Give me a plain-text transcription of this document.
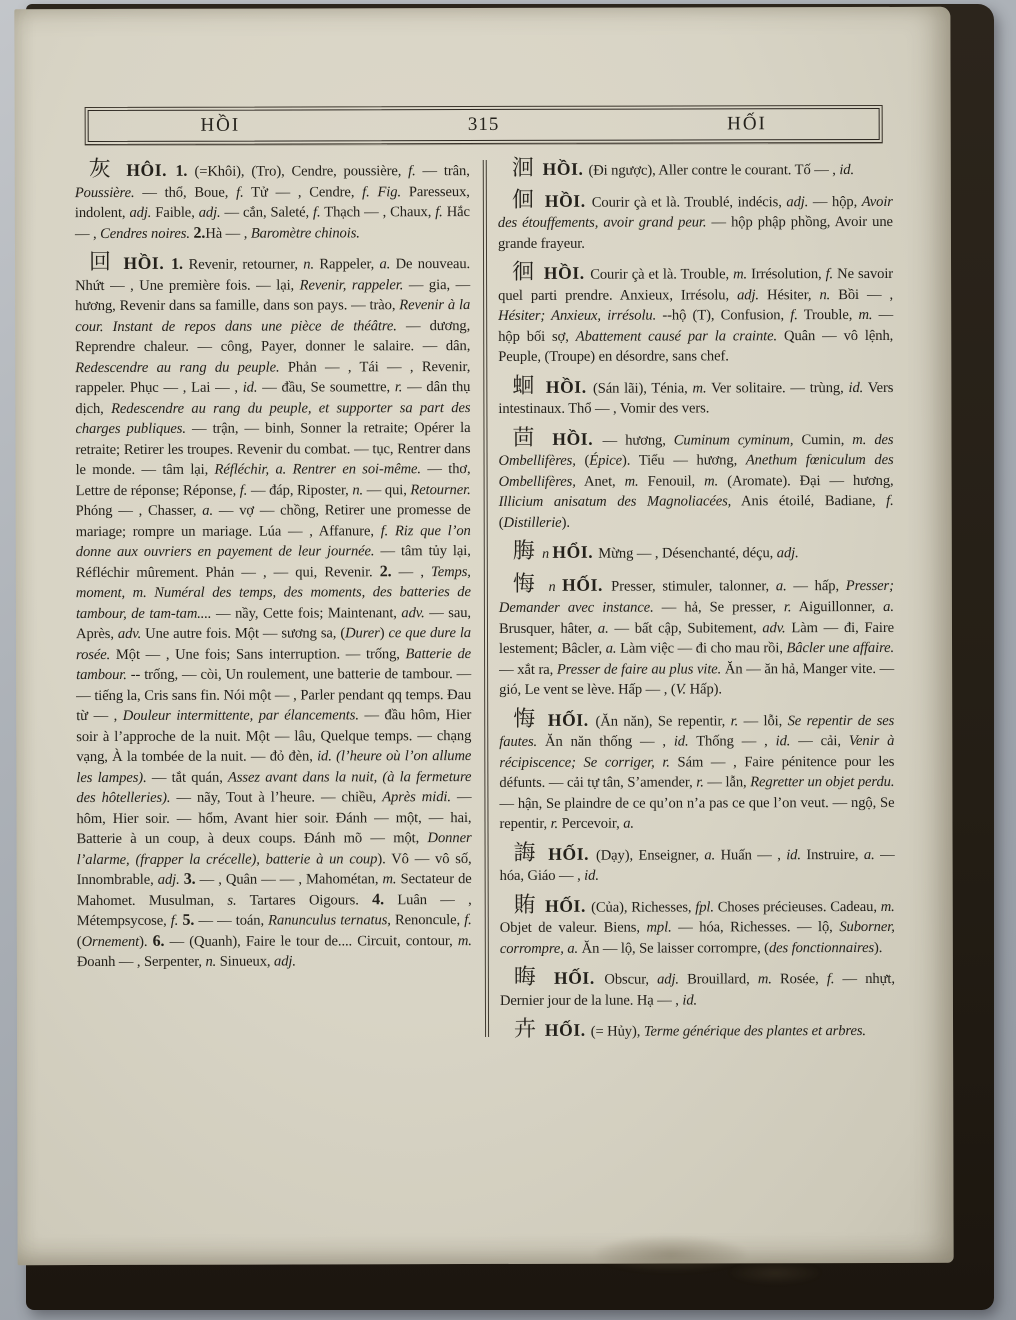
HỒI	315	HỐI
灰 HÔI. 1. (=Khôi), (Tro), Cendre, poussière, f. — trân, Poussière. — thổ, Boue, f. Tử — , Cendre, f. Fig. Paresseux, indolent, adj. Faible, adj. — cắn, Saleté, f. Thạch — , Chaux, f. Hắc — , Cendres noires. 2.Hà — , Baromètre chinois.
回 HỒI. 1. Revenir, retourner, n. Rappeler, a. De nouveau. Nhứt — , Une première fois. — lại, Revenir, rappeler. — gia, — hương, Revenir dans sa famille, dans son pays. — trào, Revenir à la cour. Instant de repos dans une pièce de théâtre. — dương, Reprendre chaleur. — công, Payer, donner le salaire. — dân, Redescendre au rang du peuple. Phản — , Tái — , Revenir, rappeler. Phục — , Lai — , id. — đầu, Se soumettre, r. — dân thụ dịch, Redescendre au rang du peuple, et supporter sa part des charges publiques. — trận, — binh, Sonner la retraite; Opérer la retraite; Retirer les troupes. Revenir du combat. — tục, Rentrer dans le monde. — tâm lại, Réfléchir, a. Rentrer en soi-même. — thơ, Lettre de réponse; Réponse, f. — đáp, Riposter, n. — qui, Retourner. Phóng — , Chasser, a. — vợ — chồng, Retirer une promesse de mariage; rompre un mariage. Lúa — , Affanure, f. Riz que l’on donne aux ouvriers en payement de leur journée. — tâm tủy lại, Réfléchir mûrement. Phản — , — qui, Revenir. 2. — , Temps, moment, m. Numéral des temps, des moments, des batteries de tambour, de tam-tam.... — nầy, Cette fois; Maintenant, adv. — sau, Après, adv. Une autre fois. Một — sương sa, (Durer) ce que dure la rosée. Một — , Une fois; Sans interruption. — trống, Batterie de tambour. -- trống, — còi, Un roulement, une batterie de tambour. — — tiếng la, Cris sans fin. Nói một — , Parler pendant qq temps. Đau từ — , Douleur intermittente, par élancements. — đầu hôm, Hier soir à l’approche de la nuit. Một — lâu, Quelque temps. — chạng vạng, À la tombée de la nuit. — đỏ đèn, id. (l’heure où l’on allume les lampes). — tắt quán, Assez avant dans la nuit, (à la fermeture des hôtelleries). — nãy, Tout à l’heure. — chiều, Après midi. — hôm, Hier soir. — hổm, Avant hier soir. Đánh — một, — hai, Batterie à un coup, à deux coups. Đánh mõ — một, Donner l’alarme, (frapper la crécelle), batterie à un coup). Vô — vô số, Innombrable, adj. 3. — , Quân — — , Mahométan, m. Sectateur de Mahomet. Musulman, s. Tartares Oigours. 4. Luân — , Métempsycose, f. 5. — — toán, Ranunculus ternatus, Renoncule, f. (Ornement). 6. — (Quanh), Faire le tour de.... Circuit, contour, m. Đoanh — , Serpenter, n. Sinueux, adj.
洄 HỒI. (Đi ngược), Aller contre le courant. Tố — , id.
佪 HỒI. Courir çà et là. Troublé, indécis, adj. — hộp, Avoir des étouffements, avoir grand peur. — hộp phập phồng, Avoir une grande frayeur.
徊 HỒI. Courir çà et là. Trouble, m. Irrésolution, f. Ne savoir quel parti prendre. Anxieux, Irrésolu, adj. Hésiter, n. Bồi — , Hésiter; Anxieux, irrésolu. --hộ (T), Confusion, f. Trouble, m. — hộp bối sợ, Abattement causé par la crainte. Quân — vô lệnh, Peuple, (Troupe) en désordre, sans chef.
蛔 HỒI. (Sán lãi), Ténia, m. Ver solitaire. — trùng, id. Vers intestinaux. Thổ — , Vomir des vers.
茴 HỒI. — hương, Cuminum cyminum, Cumin, m. des Ombellifères, (Épice). Tiểu — hương, Anethum fœniculum des Ombellifères, Anet, m. Fenouil, m. (Aromate). Đại — hương, Illicium anisatum des Magnoliacées, Anis étoilé, Badiane, f. (Distillerie).
脢 n HỔI. Mừng — , Désenchanté, déçu, adj.
悔 n HỐI. Presser, stimuler, talonner, a. — hấp, Presser; Demander avec instance. — hả, Se presser, r. Aiguillonner, a. Brusquer, hâter, a. — bất cập, Subitement, adv. Làm — đi, Faire lestement; Bâcler, a. Làm việc — đi cho mau rồi, Bâcler une affaire. — xắt ra, Presser de faire au plus vite. Ăn — ăn hả, Manger vite. — gió, Le vent se lève. Hấp — , (V. Hấp).
悔 HỐI. (Ăn năn), Se repentir, r. — lỗi, Se repentir de ses fautes. Ăn năn thống — , id. Thống — , id. — cải, Venir à récipiscence; Se corriger, r. Sám — , Faire pénitence pour les défunts. — cải tự tân, S’amender, r. — lẫn, Regretter un objet perdu. — hận, Se plaindre de ce qu’on n’a pas ce que l’on veut. — ngộ, Se repentir, r. Percevoir, a.
誨 HỐI. (Dạy), Enseigner, a. Huấn — , id. Instruire, a. — hóa, Giáo — , id.
賄 HỐI. (Của), Richesses, fpl. Choses précieuses. Cadeau, m. Objet de valeur. Biens, mpl. — hóa, Richesses. — lộ, Suborner, corrompre, a. Ăn — lộ, Se laisser corrompre, (des fonctionnaires).
晦 HỐI. Obscur, adj. Brouillard, m. Rosée, f. — nhựt, Dernier jour de la lune. Hạ — , id.
卉 HỐI. (= Hủy), Terme générique des plantes et arbres.
